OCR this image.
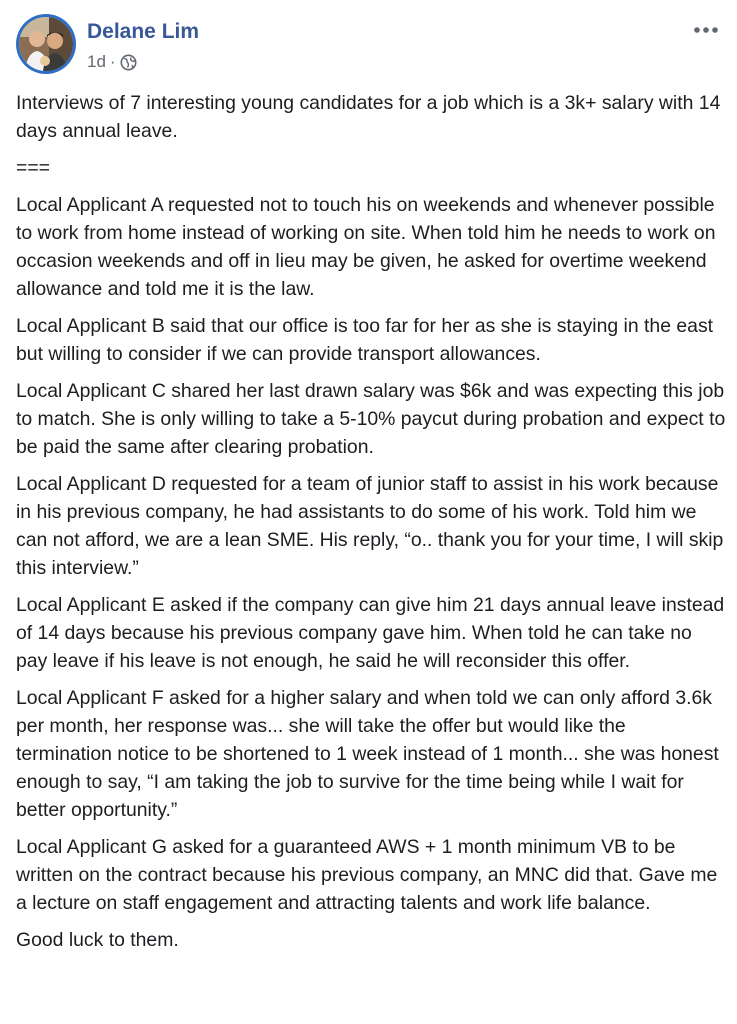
Delane Lim
1d ·

Interviews of 7 interesting young candidates for a job which is a 3k+ salary with 14 days annual leave.

===

Local Applicant A requested not to touch his on weekends and whenever possible to work from home instead of working on site. When told him he needs to work on occasion weekends and off in lieu may be given, he asked for overtime weekend allowance and told me it is the law.

Local Applicant B said that our office is too far for her as she is staying in the east but willing to consider if we can provide transport allowances.

Local Applicant C shared her last drawn salary was $6k and was expecting this job to match. She is only willing to take a 5-10% paycut during probation and expect to be paid the same after clearing probation.

Local Applicant D requested for a team of junior staff to assist in his work because in his previous company, he had assistants to do some of his work. Told him we can not afford, we are a lean SME. His reply, “o.. thank you for your time, I will skip this interview.”

Local Applicant E asked if the company can give him 21 days annual leave instead of 14 days because his previous company gave him. When told he can take no pay leave if his leave is not enough, he said he will reconsider this offer.

Local Applicant F asked for a higher salary and when told we can only afford 3.6k per month, her response was... she will take the offer but would like the termination notice to be shortened to 1 week instead of 1 month... she was honest enough to say, “I am taking the job to survive for the time being while I wait for better opportunity.”

Local Applicant G asked for a guaranteed AWS + 1 month minimum VB to be written on the contract because his previous company, an MNC did that. Gave me a lecture on staff engagement and attracting talents and work life balance.

Good luck to them.
